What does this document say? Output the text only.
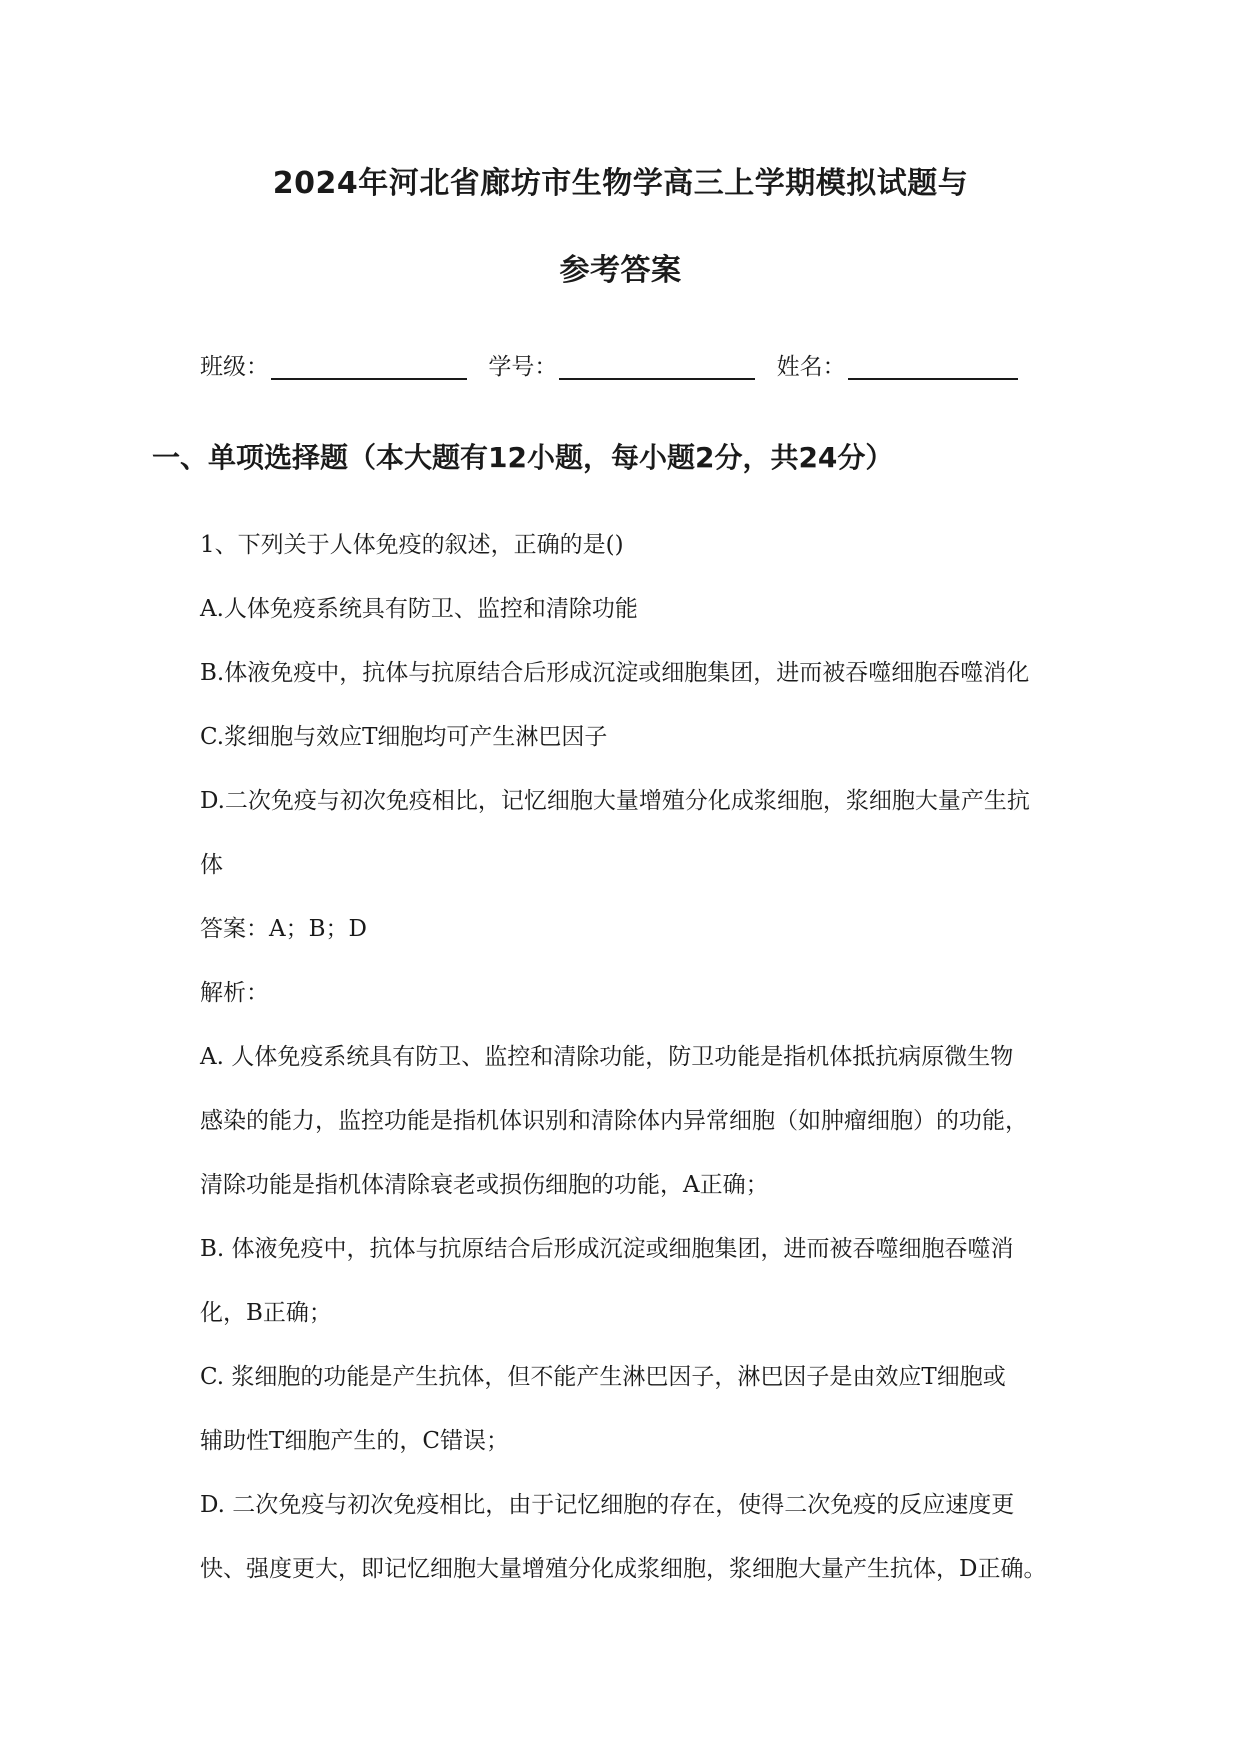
2024年河北省廊坊市生物学高三上学期模拟试题与
参考答案
班级：	学号：	姓名：
一、单项选择题（本大题有12小题，每小题2分，共24分）
1、下列关于人体免疫的叙述，正确的是()
A.人体免疫系统具有防卫、监控和清除功能
B.体液免疫中，抗体与抗原结合后形成沉淀或细胞集团，进而被吞噬细胞吞噬消化
C.浆细胞与效应T细胞均可产生淋巴因子
D.二次免疫与初次免疫相比，记忆细胞大量增殖分化成浆细胞，浆细胞大量产生抗
体
答案：A；B；D
解析：
A. 人体免疫系统具有防卫、监控和清除功能，防卫功能是指机体抵抗病原微生物
感染的能力，监控功能是指机体识别和清除体内异常细胞（如肿瘤细胞）的功能，
清除功能是指机体清除衰老或损伤细胞的功能，A正确；
B. 体液免疫中，抗体与抗原结合后形成沉淀或细胞集团，进而被吞噬细胞吞噬消
化，B正确；
C. 浆细胞的功能是产生抗体，但不能产生淋巴因子，淋巴因子是由效应T细胞或
辅助性T细胞产生的，C错误；
D. 二次免疫与初次免疫相比，由于记忆细胞的存在，使得二次免疫的反应速度更
快、强度更大，即记忆细胞大量增殖分化成浆细胞，浆细胞大量产生抗体，D正确。
